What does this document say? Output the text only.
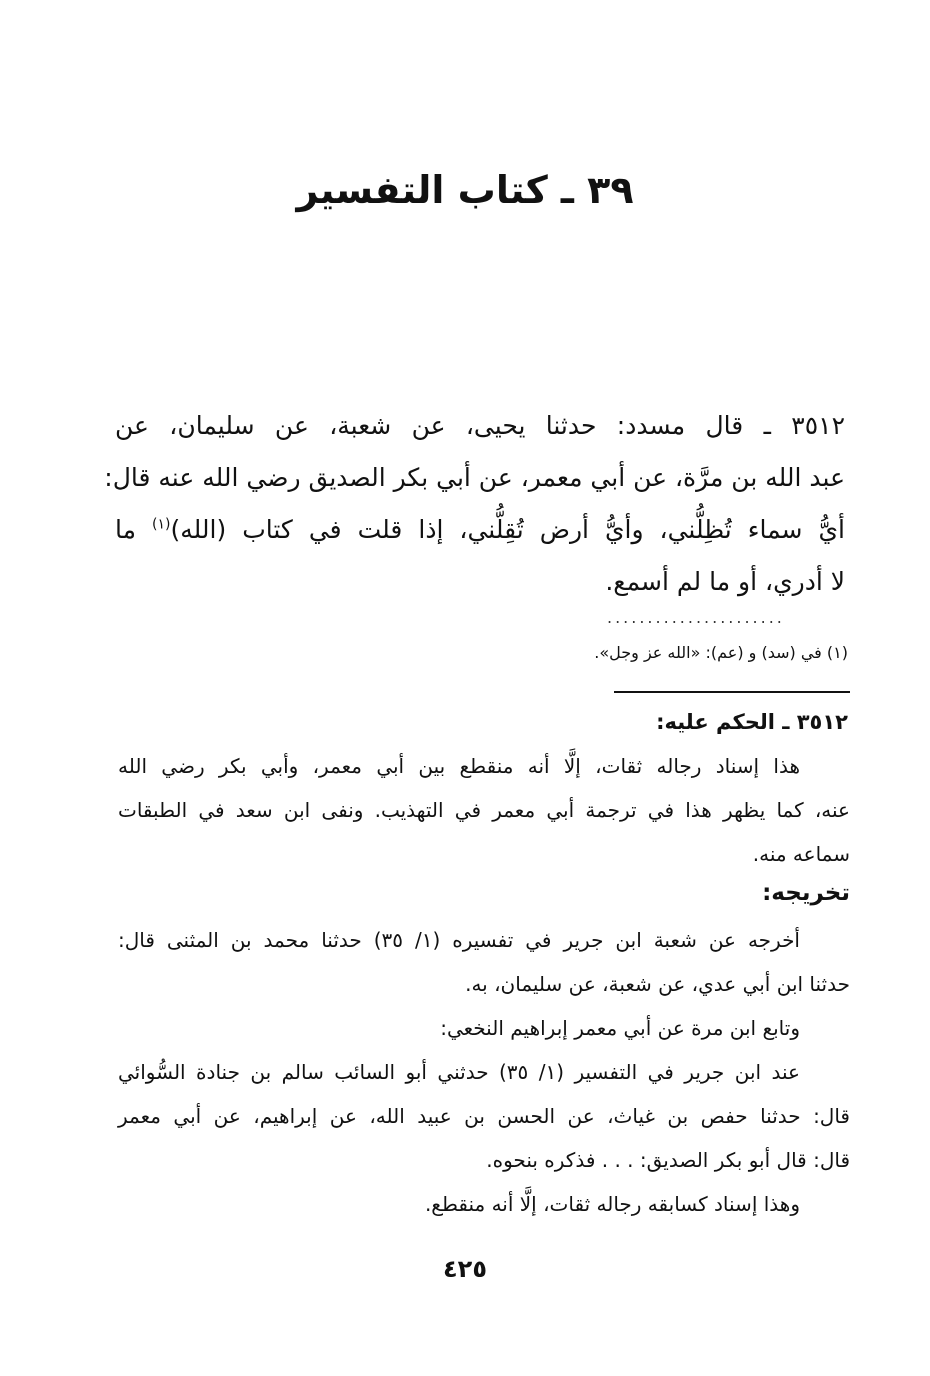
٣٩ ـ كتاب التفسير
٣٥١٢ ـ قال مسدد: حدثنا يحيى، عن شعبة، عن سليمان، عن
عبد الله بن مرَّة، عن أبي معمر، عن أبي بكر الصديق رضي الله عنه قال:
أيُّ سماء تُظِلُّني، وأيُّ أرض تُقِلُّني، إذا قلت في كتاب (الله)$^{(١)}$ ما
لا أدري، أو ما لم أسمع.
......................
(١) في (سد) و (عم): «الله عز وجل».
٣٥١٢ ـ الحكم عليه:
هذا إسناد رجاله ثقات، إلَّا أنه منقطع بين أبي معمر، وأبي بكر رضي الله
عنه، كما يظهر هذا في ترجمة أبي معمر في التهذيب. ونفى ابن سعد في الطبقات
سماعه منه.
تخريجه:
أخرجه عن شعبة ابن جرير في تفسيره (١/ ٣٥) حدثنا محمد بن المثنى قال:
حدثنا ابن أبي عدي، عن شعبة، عن سليمان، به.
وتابع ابن مرة عن أبي معمر إبراهيم النخعي:
عند ابن جرير في التفسير (١/ ٣٥) حدثني أبو السائب سالم بن جنادة السُّوائي
قال: حدثنا حفص بن غياث، عن الحسن بن عبيد الله، عن إبراهيم، عن أبي معمر
قال: قال أبو بكر الصديق: . . . فذكره بنحوه.
وهذا إسناد كسابقه رجاله ثقات، إلَّا أنه منقطع.
٤٢٥
